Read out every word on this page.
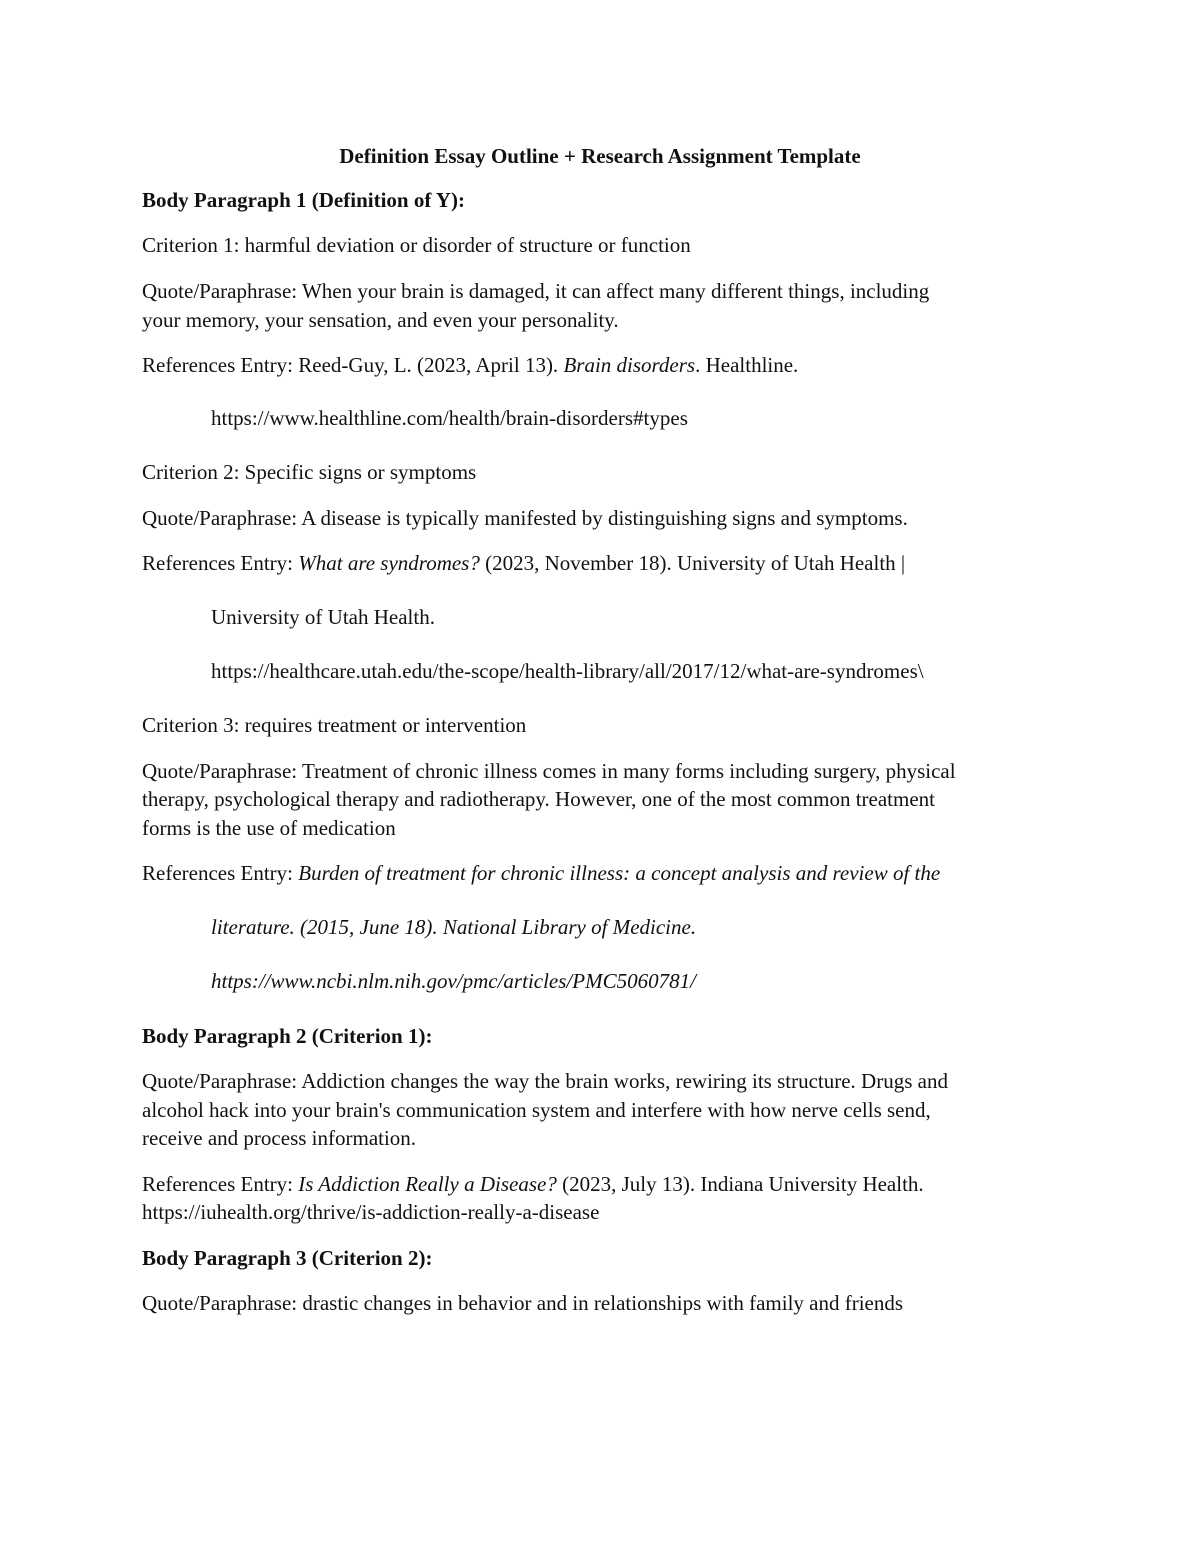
Definition Essay Outline + Research Assignment Template
Body Paragraph 1 (Definition of Y):
Criterion 1: harmful deviation or disorder of structure or function
Quote/Paraphrase: When your brain is damaged, it can affect many different things, including
your memory, your sensation, and even your personality.
References Entry: Reed-Guy, L. (2023, April 13). Brain disorders. Healthline.
https://www.healthline.com/health/brain-disorders#types
Criterion 2: Specific signs or symptoms
Quote/Paraphrase: A disease is typically manifested by distinguishing signs and symptoms.
References Entry: What are syndromes? (2023, November 18). University of Utah Health |
University of Utah Health.
https://healthcare.utah.edu/the-scope/health-library/all/2017/12/what-are-syndromes\
Criterion 3: requires treatment or intervention
Quote/Paraphrase: Treatment of chronic illness comes in many forms including surgery, physical
therapy, psychological therapy and radiotherapy. However, one of the most common treatment
forms is the use of medication
References Entry: Burden of treatment for chronic illness: a concept analysis and review of the
literature. (2015, June 18). National Library of Medicine.
https://www.ncbi.nlm.nih.gov/pmc/articles/PMC5060781/
Body Paragraph 2 (Criterion 1):
Quote/Paraphrase: Addiction changes the way the brain works, rewiring its structure. Drugs and
alcohol hack into your brain's communication system and interfere with how nerve cells send,
receive and process information.
References Entry: Is Addiction Really a Disease? (2023, July 13). Indiana University Health.
https://iuhealth.org/thrive/is-addiction-really-a-disease
Body Paragraph 3 (Criterion 2):
Quote/Paraphrase: drastic changes in behavior and in relationships with family and friends
